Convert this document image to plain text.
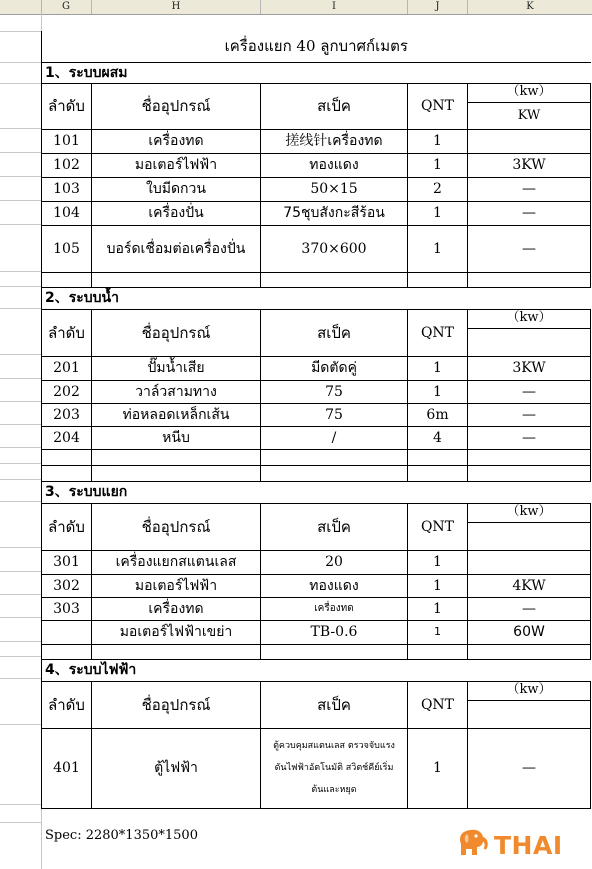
G	H	I	J	K
เครื่องแยก 40 ลูกบาศก์เมตร				
1、ระบบผสม				
ลำดับ	ชื่ออุปกรณ์	สเป็ค	QNT	（kw）
KW

101	เครื่องทด	搓线针เครื่องทด	1	
102	มอเตอร์ไฟฟ้า	ทองแดง	1	3KW
103	ใบมีดกวน	50×15	2	—
104	เครื่องปั่น	75ชุบสังกะสีร้อน	1	—
105	บอร์ดเชื่อมต่อเครื่องปั่น	370×600	1	—

2、ระบบน้ำ				
ลำดับ	ชื่ออุปกรณ์	สเป็ค	QNT	（kw）

201	ปั๊มน้ำเสีย	มีดตัดคู่	1	3KW
202	วาล์วสามทาง	75	1	—
203	ท่อหลอดเหล็กเส้น	75	6m	—
204	หนีบ	/	4	—

3、ระบบแยก				
ลำดับ	ชื่ออุปกรณ์	สเป็ค	QNT	（kw）

301	เครื่องแยกสแตนเลส	20	1	
302	มอเตอร์ไฟฟ้า	ทองแดง	1	4KW
303	เครื่องทด	เครื่องทด	1	—
	มอเตอร์ไฟฟ้าเขย่า	TB-0.6	1	60W

4、ระบบไฟฟ้า				
ลำดับ	ชื่ออุปกรณ์	สเป็ค	QNT	（kw）

401	ตู้ไฟฟ้า	ตู้ควบคุมสแตนเลส ตรวจจับแรงดันไฟฟ้าอัตโนมัติ สวิตช์คีย์เริ่มต้นและหยุด	1	—
Spec: 2280*1350*1500	THAI
